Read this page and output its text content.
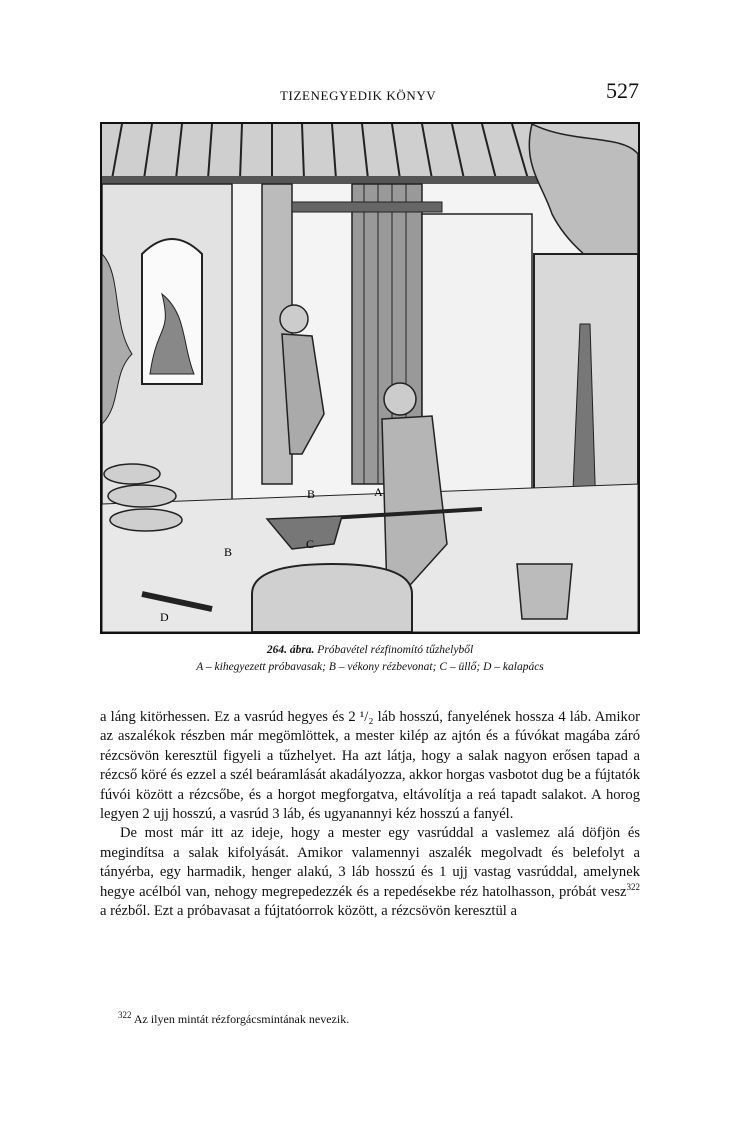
TIZENEGYEDIK KÖNYV	527
B	A
B
C
D
264. ábra. Próbavétel rézfinomító tűzhelyből
A – kihegyezett próbavasak; B – vékony rézbevonat; C – üllő; D – kalapács

a láng kitörhessen. Ez a vasrúd hegyes és 2 ¹/₂ láb hosszú, fanyelének hossza 4 láb. Amikor az aszalékok részben már megömlöttek, a mester kilép az ajtón és a fúvókat magába záró rézcsövön keresztül figyeli a tűzhelyet. Ha azt látja, hogy a salak nagyon erősen tapad a rézcső köré és ezzel a szél beáramlását akadályozza, akkor horgas vasbotot dug be a fújtatók fúvói között a rézcsőbe, és a horgot megforgatva, eltávolítja a reá tapadt salakot. A horog legyen 2 ujj hosszú, a vasrúd 3 láb, és ugyanannyi kéz hosszú a fanyél.

De most már itt az ideje, hogy a mester egy vasrúddal a vaslemez alá döfjön és megindítsa a salak kifolyását. Amikor valamennyi aszalék megolvadt és belefolyt a tányérba, egy harmadik, henger alakú, 3 láb hosszú és 1 ujj vastag vasrúddal, amelynek hegye acélból van, nehogy megrepedezzék és a repedésekbe réz hatolhasson, próbát vesz$^{322}$ a rézből. Ezt a próbavasat a fújtatóorrok között, a rézcsövön keresztül a

$^{322}$ Az ilyen mintát rézforgácsmintának nevezik.
